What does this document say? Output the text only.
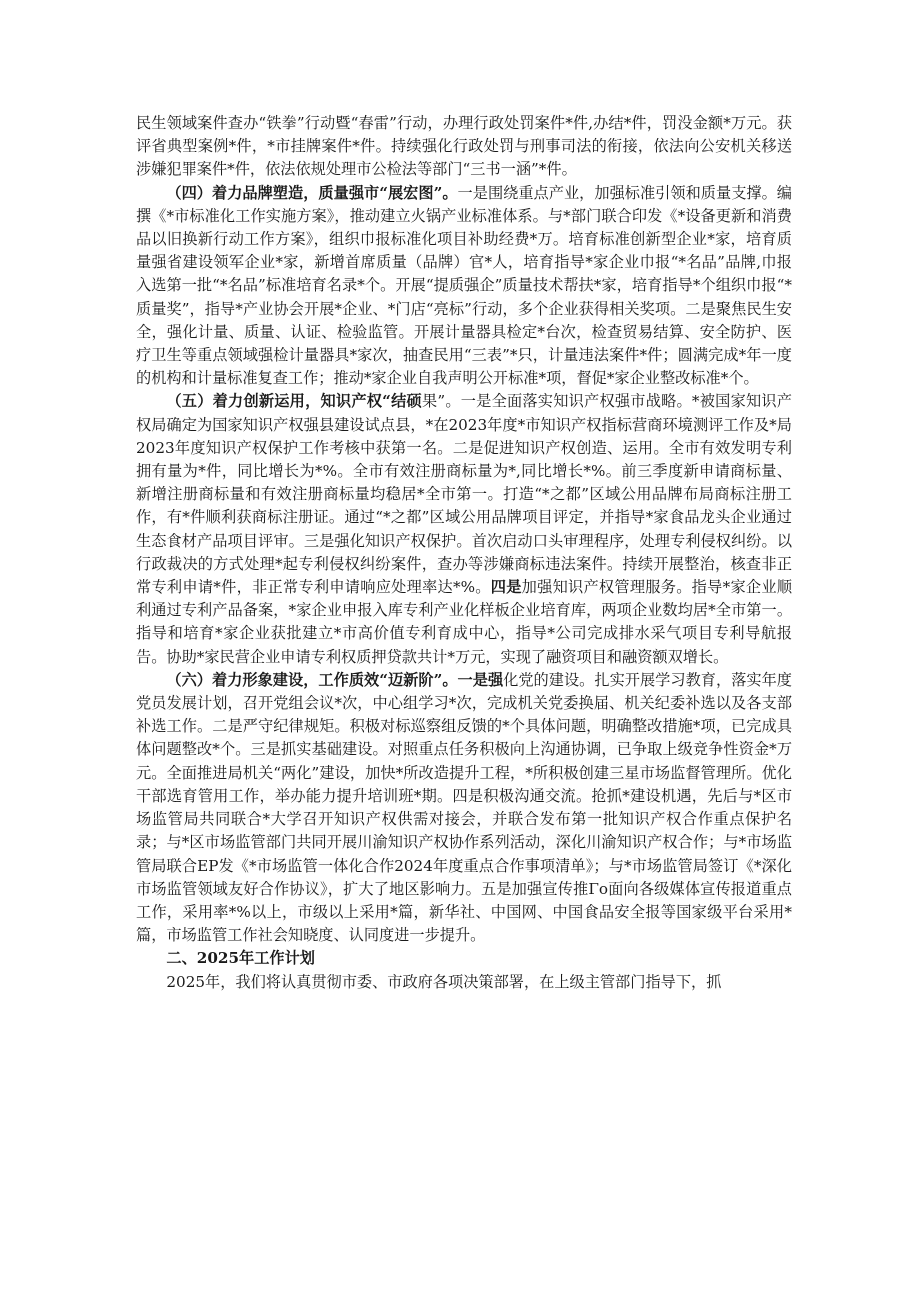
民生领域案件查办“铁拳”行动暨“春雷”行动，办理行政处罚案件*件,办结*件，罚没金额*万元。获评省典型案例*件，*市挂牌案件*件。持续强化行政处罚与刑事司法的衔接，依法向公安机关移送涉嫌犯罪案件*件，依法依规处理市公检法等部门“三书一涵”*件。

（四）着力品牌塑造，质量强市“展宏图”。一是围绕重点产业，加强标准引领和质量支撑。编撰《*市标准化工作实施方案》，推动建立火锅产业标准体系。与*部门联合印发《*设备更新和消费品以旧换新行动工作方案》，组织巾报标准化项目补助经费*万。培育标准创新型企业*家，培育质量强省建设领军企业*家，新增首席质量（品牌）官*人，培育指导*家企业巾报“*名品”品牌,巾报入选第一批“*名品”标准培育名录*个。开展“提质强企”质量技术帮扶*家，培育指导*个组织巾报“*质量奖”，指导*产业协会开展*企业、*门店“亮标”行动，多个企业获得相关奖项。二是聚焦民生安全，强化计量、质量、认证、检验监管。开展计量器具检定*台次，检查贸易结算、安全防护、医疗卫生等重点领域强检计量器具*家次，抽查民用“三表”*只，计量违法案件*件；圆满完成*年一度的机构和计量标准复查工作；推动*家企业自我声明公开标准*项，督促*家企业整改标准*个。

（五）着力创新运用，知识产权“结硕果”。一是全面落实知识产权强市战略。*被国家知识产权局确定为国家知识产权强县建设试点县，*在2023年度*市知识产权指标营商环境测评工作及*局2023年度知识产权保护工作考核中获第一名。二是促进知识产权创造、运用。全市有效发明专利拥有量为*件，同比增长为*%。全市有效注册商标量为*,同比增长*%。前三季度新申请商标量、新增注册商标量和有效注册商标量均稳居*全市第一。打造“*之都”区域公用品牌布局商标注册工作，有*件顺利获商标注册证。通过“*之都”区域公用品牌项目评定，并指导*家食品龙头企业通过生态食材产品项目评审。三是强化知识产权保护。首次启动口头审理程序，处理专利侵权纠纷。以行政裁决的方式处理*起专利侵权纠纷案件，查办等涉嫌商标违法案件。持续开展整治，核查非正常专利申请*件，非正常专利申请响应处理率达*%。四是加强知识产权管理服务。指导*家企业顺利通过专利产品备案，*家企业申报入库专利产业化样板企业培育库，两项企业数均居*全市第一。指导和培育*家企业获批建立*市高价值专利育成中心，指导*公司完成排水采气项目专利导航报告。协助*家民营企业申请专利权质押贷款共计*万元，实现了融资项目和融资额双增长。

（六）着力形象建设，工作质效“迈新阶”。一是强化党的建设。扎实开展学习教育，落实年度党员发展计划，召开党组会议*次，中心组学习*次，完成机关党委换届、机关纪委补选以及各支部补选工作。二是严守纪律规矩。积极对标巡察组反馈的*个具体问题，明确整改措施*项，已完成具体问题整改*个。三是抓实基础建设。对照重点任务积极向上沟通协调，已争取上级竞争性资金*万元。全面推进局机关“两化”建设，加快*所改造提升工程，*所积极创建三星市场监督管理所。优化干部选育管用工作，举办能力提升培训班*期。四是积极沟通交流。抢抓*建设机遇，先后与*区市场监管局共同联合*大学召开知识产权供需对接会，并联合发布第一批知识产权合作重点保护名录；与*区市场监管部门共同开展川渝知识产权协作系列活动，深化川渝知识产权合作；与*市场监管局联合EP发《*市场监管一体化合作2024年度重点合作事项清单》；与*市场监管局签订《*深化市场监管领域友好合作协议》，扩大了地区影响力。五是加强宣传推Γo面向各级媒体宣传报道重点工作，采用率*%以上，市级以上采用*篇，新华社、中国网、中国食品安全报等国家级平台采用*篇，市场监管工作社会知晓度、认同度进一步提升。

二、2025年工作计划

2025年，我们将认真贯彻市委、市政府各项决策部署，在上级主管部门指导下，抓
